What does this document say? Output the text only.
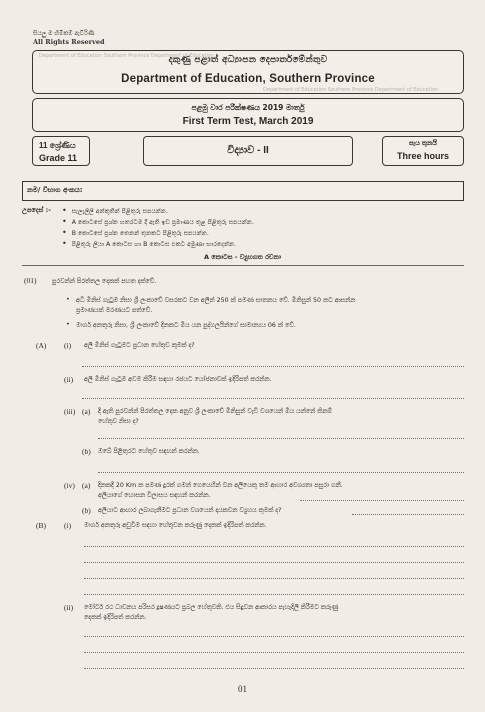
සියලු ම හිමිකම් ඇවිරිණි
All Rights Reserved
Department of Education Southern Province Department of Education
Department of Education Southern Province Department of Education
දකුණු පළාත් අධ්‍යාපන දෙපාර්තමේන්තුව
Department of Education, Southern Province
පළමු වාර පරීක්ෂණය 2019 මාර්තු
First Term Test, March 2019
11 ශ්‍රේණිය
Grade 11
විද්‍යාව - II
පැය තුනයි
Three hours
නම/ විභාග අංකය:
උපදෙස් :-
•	සැලැලිලි අන්කුතින් පිළිතුරු සපයන්න.
• A කොටසේ ප්‍රශ්න හතරටම දී ඇති ඉඩ ප්‍රමාණය තුළ පිළිතුරු සපයන්න.
• B කොටසේ ප්‍රශ්න තෙනන් තුනකට පිළිතුරු සපයන්න.
• පිළිතුරු ලියා A කොටස හා B කොටස එකට අමුණා භාරදෙන්න.
A කොටස - ව්‍යුහගත රචනා
(01) පුරවන්න් පිරත්තල දෙකක් පහත දක්වේ.
• අධි මිනිස් ගැටුම නිසා ශ්‍රී ලංකාවේ වසරකට වන අලින් 250 ක් පමණ සාතනය වේ. මිනිසුන් 50 කට ආසන්න
ප්‍රමාණයක් මරණයට පත්වේ.
• මාර්ග අනතුරු නිසා, ශ්‍රී ලංකාවේ දිනකට මිය යන පුද්ගලයින්ගේ සාමාන්‍යය 06 ක් වේ.
(A) (i) අලි මිනිස් ගැටුමට ප්‍රධාන හේතුව කුමක් ද?
(ii) අලි මිනිස් ගැටුම අවම කිරීම සඳහා රජයට යෝජනාවක් ඉදිරිපත් කරන්න.
(iii) (a) දී ඇති පුරවන්න් පිරත්තල දෙක අනුව ශ්‍රී ලංකාවේ මිනිසුන් වැඩි වශයෙන් මිය යන්නේ කිනම්
හේතුව නිසා ද?
(b) ඔබේ පිළිතුරට හේතුව සඳහන් කරන්න.
(iv) (a) දිනකදී 20 Km ක පමණ දුරක් ගමන් ගෙයෙහීන් වන අලියෙකු තම ආහාර අවශ්‍යතා පසුරා ගනී.
අලියාගේ හොසන විලාසය සඳහන් කරන්න.
(b) අලියාට ආහාර ලබාගැනීමට ප්‍රධාන වශයෙන් දායකවන ව්‍යුහය කුමක් ද?
(B) (i) මාර්ග අනතුරු අඩුවීම සඳහා හේතුවන කරුණු දෙකක් ඉදිරිපත් කරන්න.
(ii) මෝටර් රථ ධාවනය පරිසර දූෂණයට ප්‍රබල හේතුවකි. එය සිදුවන ආකාරය පැහැදිලි කිරීමට කරුණු
දෙකක් ඉදිරිපත් කරන්න.
01
